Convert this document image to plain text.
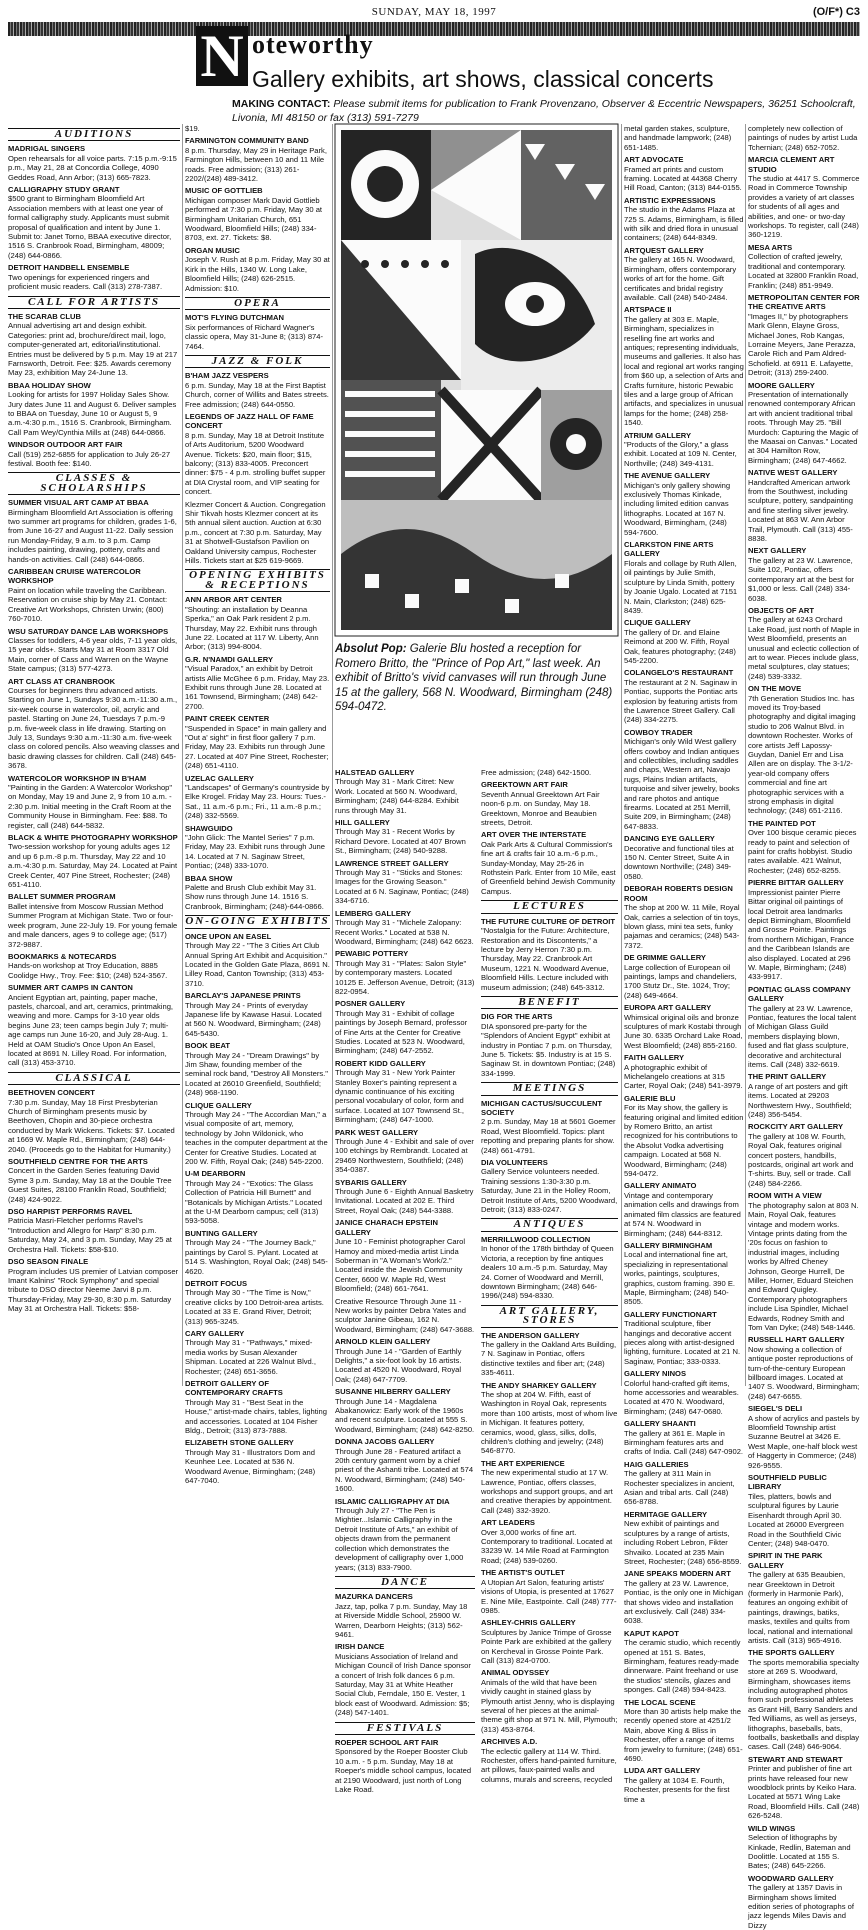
SUNDAY, MAY 18, 1997	(O/F*) C3
N oteworthy
Gallery exhibits, art shows, classical concerts
MAKING CONTACT: Please submit items for publication to Frank Provenzano, Observer & Eccentric Newspapers, 36251 Schoolcraft, Livonia, MI 48150 or fax (313) 591-7279
AUDITIONS
MADRIGAL SINGERS
Open rehearsals for all voice parts. 7:15 p.m.-9:15 p.m., May 21, 28 at Concordia College, 4090 Geddes Road, Ann Arbor; (313) 665-7823.
CALLIGRAPHY STUDY GRANT
$500 grant to Birmingham Bloomfield Art Association members with at least one year of formal calligraphy study. Applicants must submit proposal of qualification and intent by June 1. Submit to: Janet Torno, BBAA executive director, 1516 S. Cranbrook Road, Birmingham, 48009; (248) 644-0866.
DETROIT HANDBELL ENSEMBLE
Two openings for experienced ringers and proficient music readers. Call (313) 278-7387.
CALL FOR ARTISTS
THE SCARAB CLUB
Annual advertising art and design exhibit. Categories: print ad, brochure/direct mail, logo, computer-generated art, editorial/institutional. Entries must be delivered by 5 p.m. May 19 at 217 Farnsworth, Detroit. Fee: $25. Awards ceremony May 23, exhibition May 24-June 13.
BBAA HOLIDAY SHOW
Looking for artists for 1997 Holiday Sales Show. Jury dates June 11 and August 6. Deliver samples to BBAA on Tuesday, June 10 or August 5, 9 a.m.-4:30 p.m., 1516 S. Cranbrook, Birmingham. Call Pam Wey/Cynthia Mills at (248) 644-0866.
WINDSOR OUTDOOR ART FAIR
Call (519) 252-6855 for application to July 26-27 festival. Booth fee: $140.
CLASSES & SCHOLARSHIPS
SUMMER VISUAL ART CAMP AT BBAA
Birmingham Bloomfield Art Association is offering two summer art programs for children, grades 1-6, from June 16-27 and August 11-22. Daily session run Monday-Friday, 9 a.m. to 3 p.m. Camp includes painting, drawing, pottery, crafts and hands-on activities. Call (248) 644-0866.
CARIBBEAN CRUISE WATERCOLOR WORKSHOP
Paint on location while traveling the Caribbean. Reservation on cruise ship by May 21. Contact: Creative Art Workshops, Christen Urwin; (800) 760-7010.
WSU SATURDAY DANCE LAB WORKSHOPS
Classes for toddlers, 4-6 year olds, 7-11 year olds, 15 year olds+. Starts May 31 at Room 3317 Old Main, corner of Cass and Warren on the Wayne State campus; (313) 577-4273.
ART CLASS AT CRANBROOK
Courses for beginners thru advanced artists. Starting on June 1, Sundays 9:30 a.m.-11:30 a.m., six-week course in watercolor, oil, acrylic and pastel. Starting on June 24, Tuesdays 7 p.m.-9 p.m. five-week class in life drawing. Starting on July 13, Sundays 9:30 a.m.-11:30 a.m. five-week class on colored pencils. Also weaving classes and basic drawing classes for children. Call (248) 645-3678.
WATERCOLOR WORKSHOP IN B'HAM
"Painting in the Garden: A Watercolor Workshop" on Monday, May 19 and June 2, 9 from 10 a.m. - 2:30 p.m. Initial meeting in the Craft Room at the Community House in Birmingham. Fee: $88. To register, call (248) 644-5832.
BLACK & WHITE PHOTOGRAPHY WORKSHOP
Two-session workshop for young adults ages 12 and up 6 p.m.-8 p.m. Thursday, May 22 and 10 a.m.-4:30 p.m. Saturday, May 24. Located at Paint Creek Center, 407 Pine Street, Rochester; (248) 651-4110.
BALLET SUMMER PROGRAM
Ballet intensive from Moscow Russian Method Summer Program at Michigan State. Two or four-week program, June 22-July 19. For young female and male dancers, ages 9 to college age; (517) 372-9887.
BOOKMARKS & NOTECARDS
Hands-on workshop at Troy Education, 8885 Coolidge Hwy., Troy. Fee: $10; (248) 524-3567.
SUMMER ART CAMPS IN CANTON
Ancient Egyptian art, painting, paper mache, pastels, charcoal, and art, ceramics, printmaking, weaving and more. Camps for 3-10 year olds begins June 23; teen camps begin July 7; multi-age camps run June 16-20, and July 28-Aug. 1. Held at OAM Studio's Once Upon An Easel, located at 8691 N. Lilley Road. For information, call (313) 453-3710.
CLASSICAL
BEETHOVEN CONCERT
7:30 p.m. Sunday, May 18 First Presbyterian Church of Birmingham presents music by Beethoven, Chopin and 30-piece orchestra conducted by Mark Wickens. Tickets: $7. Located at 1669 W. Maple Rd., Birmingham; (248) 644-2040. (Proceeds go to the Habitat for Humanity.)
SOUTHFIELD CENTRE FOR THE ARTS
Concert in the Garden Series featuring David Syme 3 p.m. Sunday, May 18 at the Double Tree Guest Suites, 28100 Franklin Road, Southfield; (248) 424-9022.
DSO HARPIST PERFORMS RAVEL
Patricia Masri-Fletcher performs Ravel's "Introduction and Allegro for Harp" 8:30 p.m. Saturday, May 24, and 3 p.m. Sunday, May 25 at Orchestra Hall. Tickets: $58-$10.
DSO SEASON FINALE
Program includes US premier of Latvian composer Imant Kalnins' "Rock Symphony" and special tribute to DSO director Neeme Jarvi 8 p.m. Thursday-Friday, May 29-30, 8:30 p.m. Saturday May 31 at Orchestra Hall. Tickets: $58-
$19.
FARMINGTON COMMUNITY BAND
8 p.m. Thursday, May 29 in Heritage Park, Farmington Hills, between 10 and 11 Mile roads. Free admission; (313) 261-2202/(248) 489-3412.
MUSIC OF GOTTLIEB
Michigan composer Mark David Gottlieb performed at 7:30 p.m. Friday, May 30 at Birmingham Unitarian Church, 651 Woodward, Bloomfield Hills; (248) 334-8703, ext. 27. Tickets: $8.
ORGAN MUSIC
Joseph V. Rush at 8 p.m. Friday, May 30 at Kirk in the Hills, 1340 W. Long Lake, Bloomfield Hills; (248) 626-2515. Admission: $10.
OPERA
MOT'S FLYING DUTCHMAN
Six performances of Richard Wagner's classic opera, May 31-June 8; (313) 874-7464.
JAZZ & FOLK
B'HAM JAZZ VESPERS
6 p.m. Sunday, May 18 at the First Baptist Church, corner of Willits and Bates streets. Free admission; (248) 644-0550.
LEGENDS OF JAZZ HALL OF FAME CONCERT
8 p.m. Sunday, May 18 at Detroit Institute of Arts Auditorium, 5200 Woodward Avenue. Tickets: $20, main floor; $15, balcony; (313) 833-4005. Preconcert dinner: $75 - 4 p.m. strolling buffet supper at DIA Crystal room, and VIP seating for concert.
Klezmer Concert & Auction. Congregation Shir Tikvah hosts Klezmer concert at its 5th annual silent auction. Auction at 6:30 p.m., concert at 7:30 p.m. Saturday, May 31 at Shotwell-Gustafson Pavilion on Oakland University campus, Rochester Hills. Tickets start at $25 619-9669.
OPENING EXHIBITS & RECEPTIONS
ANN ARBOR ART CENTER
"Shouting: an installation by Deanna Sperka," an Oak Park resident 2 p.m. Thursday, May 22. Exhibit runs through June 22. Located at 117 W. Liberty, Ann Arbor; (313) 994-8004.
G.R. N'NAMDI GALLERY
"Visual Paradox," an exhibit by Detroit artists Allie McGhee 6 p.m. Friday, May 23. Exhibit runs through June 28. Located at 161 Townsend, Birmingham; (248) 642-2700.
PAINT CREEK CENTER
"Suspended in Space" in main gallery and "Out a' sight" in first floor gallery 7 p.m. Friday, May 23. Exhibits run through June 27. Located at 407 Pine Street, Rochester; (248) 651-4110.
UZELAC GALLERY
"Landscapes" of Germany's countryside by Elke Krogel. Friday May 23. Hours: Tues.-Sat., 11 a.m.-6 p.m.; Fri., 11 a.m.-8 p.m.; (248) 332-5569.
SHAWGUIDO
"John Glick: The Mantel Series" 7 p.m. Friday, May 23. Exhibit runs through June 14. Located at 7 N. Saginaw Street, Pontiac; (248) 333-1070.
BBAA SHOW
Palette and Brush Club exhibit May 31. Show runs through June 14. 1516 S. Cranbrook, Birmingham; (248)-644-0866.
ON-GOING EXHIBITS
ONCE UPON AN EASEL
Through May 22 - "The 3 Cities Art Club Annual Spring Art Exhibit and Acquisition." Located in the Golden Gate Plaza, 8691 N. Lilley Road, Canton Township; (313) 453-3710.
BARCLAY'S JAPANESE PRINTS
Through May 24 - Prints of everyday Japanese life by Kawase Hasui. Located at 560 N. Woodward, Birmingham; (248) 645-5430.
BOOK BEAT
Through May 24 - "Dream Drawings" by Jim Shaw, founding member of the seminal rock band, "Destroy All Monsters." Located at 26010 Greenfield, Southfield; (248) 968-1190.
CLIQUE GALLERY
Through May 24 - "The Accordian Man," a visual composite of art, memory, technology by John Wildonick, who teaches in the computer department at the Center for Creative Studies. Located at 200 W. Fifth, Royal Oak; (248) 545-2200.
U-M DEARBORN
Through May 24 - "Exotics: The Glass Collection of Patricia Hill Burnett" and "Botanicals by Michigan Artists." Located at the U-M Dearborn campus; cell (313) 593-5058.
BUNTING GALLERY
Through May 24 - "The Journey Back," paintings by Carol S. Pylant. Located at 514 S. Washington, Royal Oak; (248) 545-4620.
DETROIT FOCUS
Through May 30 - "The Time is Now," creative clicks by 100 Detroit-area artists. Located at 33 E. Grand River, Detroit; (313) 965-3245.
CARY GALLERY
Through May 31 - "Pathways," mixed-media works by Susan Alexander Shipman. Located at 226 Walnut Blvd., Rochester; (248) 651-3656.
DETROIT GALLERY OF CONTEMPORARY CRAFTS
Through May 31 - "Best Seat in the House," artist-made chairs, tables, lighting and accessories. Located at 104 Fisher Bldg., Detroit; (313) 873-7888.
ELIZABETH STONE GALLERY
Through May 31 - Illustrators Dom and Keunhee Lee. Located at 536 N. Woodward Avenue, Birmingham; (248) 647-7040.
Absolut Pop: Galerie Blu hosted a reception for Romero Britto, the "Prince of Pop Art," last week. An exhibit of Britto's vivid canvases will run through June 15 at the gallery, 568 N. Woodward, Birmingham (248) 594-0472.
HALSTEAD GALLERY
Through May 31 - Mark Citret: New Work. Located at 560 N. Woodward, Birmingham; (248) 644-8284. Exhibit runs through May 31.
HILL GALLERY
Through May 31 - Recent Works by Richard Devore. Located at 407 Brown St., Birmingham; (248) 540-9288.
LAWRENCE STREET GALLERY
Through May 31 - "Sticks and Stones: Images for the Growing Season." Located at 6 N. Saginaw, Pontiac; (248) 334-6716.
LEMBERG GALLERY
Through May 31 - "Michele Zalopany: Recent Works." Located at 538 N. Woodward, Birmingham; (248) 642 6623.
PEWABIC POTTERY
Through May 31 - "Plates: Salon Style" by contemporary masters. Located 10125 E. Jefferson Avenue, Detroit; (313) 822-0954.
POSNER GALLERY
Through May 31 - Exhibit of collage paintings by Joseph Bernard, professor of Fine Arts at the Center for Creative Studies. Located at 523 N. Woodward, Birmingham; (248) 647-2552.
ROBERT KIDD GALLERY
Through May 31 - New York Painter Stanley Boxer's painting represent a dynamic continuance of his exciting personal vocabulary of color, form and surface. Located at 107 Townsend St., Birmingham; (248) 647-1000.
PARK WEST GALLERY
Through June 4 - Exhibit and sale of over 100 etchings by Rembrandt. Located at 29469 Northwestern, Southfield; (248) 354-0387.
SYBARIS GALLERY
Through June 6 - Eighth Annual Basketry Invitational. Located at 202 E. Third Street, Royal Oak; (248) 544-3388.
JANICE CHARACH EPSTEIN GALLERY
June 10 - Feminist photographer Carol Hamoy and mixed-media artist Linda Soberman in "A Woman's Work/2." Located inside the Jewish Community Center, 6600 W. Maple Rd, West Bloomfield; (248) 661-7641.
Creative Resource Through June 11 - New works by painter Debra Yates and sculptor Janine Gibeau, 162 N. Woodward, Birmingham; (248) 647-3688.
ARNOLD KLEIN GALLERY
Through June 14 - "Garden of Earthly Delights," a six-foot look by 16 artists. Located at 4520 N. Woodward, Royal Oak; (248) 647-7709.
SUSANNE HILBERRY GALLERY
Through June 14 - Magdalena Abakanowicz: Early work of the 1960s and recent sculpture. Located at 555 S. Woodward, Birmingham; (248) 642-8250.
DONNA JACOBS GALLERY
Through June 28 - Featured artifact a 20th century garment worn by a chief priest of the Ashanti tribe. Located at 574 N. Woodward, Birmingham; (248) 540-1600.
ISLAMIC CALLIGRAPHY AT DIA
Through July 27 - "The Pen is Mightier...Islamic Calligraphy in the Detroit Institute of Arts," an exhibit of objects drawn from the permanent collection which demonstrates the development of calligraphy over 1,000 years; (313) 833-7900.
DANCE
MAZURKA DANCERS
Jazz, tap, polka 7 p.m. Sunday, May 18 at Riverside Middle School, 25900 W. Warren, Dearborn Heights; (313) 562-9461.
IRISH DANCE
Musicians Association of Ireland and Michigan Council of Irish Dance sponsor a concert of Irish folk dances 6 p.m. Saturday, May 31 at White Heather Social Club, Ferndale, 150 E. Vester, 1 block east of Woodward. Admission: $5; (248) 547-1401.
FESTIVALS
ROEPER SCHOOL ART FAIR
Sponsored by the Roeper Booster Club 10 a.m. - 5 p.m. Sunday, May 18 at Roeper's middle school campus, located at 2190 Woodward, just north of Long Lake Road.
Free admission; (248) 642-1500.
GREEKTOWN ART FAIR
Seventh Annual Greektown Art Fair noon-6 p.m. on Sunday, May 18. Greektown, Monroe and Beaubien streets, Detroit.
ART OVER THE INTERSTATE
Oak Park Arts & Cultural Commission's fine art & crafts fair 10 a.m.-6 p.m., Sunday-Monday, May 25-26 in Rothstein Park. Enter from 10 Mile, east of Greenfield behind Jewish Community Campus.
LECTURES
THE FUTURE CULTURE OF DETROIT
"Nostalgia for the Future: Architecture, Restoration and its Discontents," a lecture by Jerry Herron 7:30 p.m. Thursday, May 22. Cranbrook Art Museum, 1221 N. Woodward Avenue, Bloomfield Hills. Lecture included with museum admission; (248) 645-3312.
BENEFIT
DIG FOR THE ARTS
DIA sponsored pre-party for the "Splendors of Ancient Egypt" exhibit at industry in Pontiac 7 p.m. on Thursday, June 5. Tickets: $5. Industry is at 15 S. Saginaw St. in downtown Pontiac; (248) 334-1999.
MEETINGS
MICHIGAN CACTUS/SUCCULENT SOCIETY
2 p.m. Sunday, May 18 at 5601 Goemer Road, West Bloomfield. Topics: plant repotting and preparing plants for show. (248) 661-4791.
DIA VOLUNTEERS
Gallery Service volunteers needed. Training sessions 1:30-3:30 p.m. Saturday, June 21 in the Holley Room, Detroit Institute of Arts, 5200 Woodward, Detroit; (313) 833-0247.
ANTIQUES
MERRILLWOOD COLLECTION
In honor of the 178th birthday of Queen Victoria, a reception by fine antiques dealers 10 a.m.-5 p.m. Saturday, May 24. Corner of Woodward and Merrill, downtown Birmingham; (248) 646-1996/(248) 594-8330.
ART GALLERY, STORES
THE ANDERSON GALLERY
The gallery in the Oakland Arts Building, 7 N. Saginaw in Pontiac, offers distinctive textiles and fiber art; (248) 335-4611.
THE ANDY SHARKEY GALLERY
The shop at 204 W. Fifth, east of Washington in Royal Oak, represents more than 100 artists, most of whom live in Michigan. It features pottery, ceramics, wood, glass, silks, dolls, children's clothing and jewelry; (248) 546-8770.
THE ART EXPERIENCE
The new experimental studio at 17 W. Lawrence, Pontiac, offers classes, workshops and support groups, and art and creative therapies by appointment. Call (248) 332-3920.
ART LEADERS
Over 3,000 works of fine art. Contemporary to traditional. Located at 33239 W. 14 Mile Road at Farmington Road; (248) 539-0260.
THE ARTIST'S OUTLET
A Utopian Art Salon, featuring artists' visions of Utopia, is presented at 17627 E. Nine Mile, Eastpointe. Call (248) 777-0985.
ASHLEY-CHRIS GALLERY
Sculptures by Janice Trimpe of Grosse Pointe Park are exhibited at the gallery on Kercheval in Grosse Pointe Park. Call (313) 824-0700.
ANIMAL ODYSSEY
Animals of the wild that have been vividly caught in stained glass by Plymouth artist Jenny, who is displaying several of her pieces at the animal-theme gift shop at 971 N. Mill, Plymouth; (313) 453-8764.
ARCHIVES A.D.
The eclectic gallery at 114 W. Third. Rochester, offers hand-painted furniture, art pillows, faux-painted walls and columns, murals and screens, recycled
metal garden stakes, sculpture, and handmade lampwork; (248) 651-1485.
ART ADVOCATE
Framed art prints and custom framing. Located at 44368 Cherry Hill Road, Canton; (313) 844-0155.
ARTISTIC EXPRESSIONS
The studio in the Adams Plaza at 725 S. Adams, Birmingham, is filled with silk and dried flora in unusual containers; (248) 644-8349.
ARTQUEST GALLERY
The gallery at 165 N. Woodward, Birmingham, offers contemporary works of art for the home. Gift certificates and bridal registry available. Call (248) 540-2484.
ARTSPACE II
The gallery at 303 E. Maple, Birmingham, specializes in reselling fine art works and antiques; representing individuals, museums and galleries. It also has local and regional art works ranging from $60 up, a selection of Arts and Crafts furniture, historic Pewabic tiles and a large group of African artifacts, and specializes in unusual lamps for the home; (248) 258-1540.
ATRIUM GALLERY
"Products of the Glory," a glass exhibit. Located at 109 N. Center, Northville; (248) 349-4131.
THE AVENUE GALLERY
Michigan's only gallery showing exclusively Thomas Kinkade, including limited edition canvas lithographs. Located at 167 N. Woodward, Birmingham, (248) 594-7600.
CLARKSTON FINE ARTS GALLERY
Florals and collage by Ruth Allen, oil paintings by Julie Smith, sculpture by Linda Smith, pottery by Joanie Ugalo. Located at 7151 N. Main, Clarkston; (248) 625-8439.
CLIQUE GALLERY
The gallery of Dr. and Elaine Reimond at 200 W. Fifth, Royal Oak, features photography; (248) 545-2200.
COLANGELO'S RESTAURANT
The restaurant at 2 N. Saginaw in Pontiac, supports the Pontiac arts explosion by featuring artists from the Lawrence Street Gallery. Call (248) 334-2275.
COWBOY TRADER
Michigan's only Wild West gallery offers cowboy and Indian antiques and collectibles, including saddles and chaps, Western art, Navajo rugs, Plains Indian artifacts, turquoise and silver jewelry, books and rare photos and antique firearms. Located at 251 Merrill, Suite 209, in Birmingham; (248) 647-8833.
DANCING EYE GALLERY
Decorative and functional tiles at 150 N. Center Street, Suite A in downtown Northville; (248) 349-0580.
DEBORAH ROBERTS DESIGN ROOM
The shop at 200 W. 11 Mile, Royal Oak, carries a selection of tin toys, blown glass, mini tea sets, funky pajamas and ceramics; (248) 543-7372.
DE GRIMME GALLERY
Large collection of European oil paintings, lamps and chandeliers, 1700 Stutz Dr., Ste. 1024, Troy; (248) 649-4664.
EUROPA ART GALLERY
Whimsical original oils and bronze sculptures of mark Kostabi through June 30. 6335 Orchard Lake Road, West Bloomfield; (248) 855-2160.
FAITH GALLERY
A photographic exhibit of Michelangelo creations at 315 Carter, Royal Oak; (248) 541-3979.
GALERIE BLU
For its May show, the gallery is featuring original and limited edition by Romero Britto, an artist recognized for his contributions to the Absolut Vodka advertising campaign. Located at 568 N. Woodward, Birmingham; (248) 594-0472.
GALLERY ANIMATO
Vintage and contemporary animation cells and drawings from animated film classics are featured at 574 N. Woodward in Birmingham; (248) 644-8312.
GALLERY BIRMINGHAM
Local and international fine art, specializing in representational works, paintings, sculptures, graphics, custom framing. 390 E. Maple, Birmingham; (248) 540-8505.
GALLERY FUNCTIONART
Traditional sculpture, fiber hangings and decorative accent pieces along with artist-designed lighting, furniture. Located at 21 N. Saginaw, Pontiac; 333-0333.
GALLERY NINOS
Colorful hand-crafted gift items, home accessories and wearables. Located at 470 N. Woodward, Birmingham; (248) 647-0680.
GALLERY SHAANTI
The gallery at 361 E. Maple in Birmingham features arts and crafts of India. Call (248) 647-0902.
HAIG GALLERIES
The gallery at 311 Main in Rochester specializes in ancient, Asian and tribal arts. Call (248) 656-8788.
HERMITAGE GALLERY
New exhibit of paintings and sculptures by a range of artists, including Robert Lebron, Fikter Shvaiko. Located at 235 Main Street, Rochester; (248) 656-8559.
JANE SPEAKS MODERN ART
The gallery at 23 W. Lawrence, Pontiac, is the only one in Michigan that shows video and installation art exclusively. Call (248) 334-6038.
KAPUT KAPOT
The ceramic studio, which recently opened at 151 S. Bates, Birmingham, features ready-made dinnerware. Paint freehand or use the studios' stencils, glazes and sponges. Call (248) 594-8423.
THE LOCAL SCENE
More than 30 artists help make the recently opened store at 4251/2 Main, above King & Bliss in Rochester, offer a range of items from jewelry to furniture; (248) 651-4690.
LUDA ART GALLERY
The gallery at 1034 E. Fourth, Rochester, presents for the first time a
completely new collection of paintings of nudes by artist Luda Tchernian; (248) 652-7052.
MARCIA CLEMENT ART STUDIO
The studio at 4417 S. Commerce Road in Commerce Township provides a variety of art classes for students of all ages and abilities, and one- or two-day workshops. To register, call (248) 360-1219.
MESA ARTS
Collection of crafted jewelry, traditional and contemporary. Located at 32800 Franklin Road, Franklin; (248) 851-9949.
METROPOLITAN CENTER FOR THE CREATIVE ARTS
"Images II," by photographers Mark Glenn, Elayne Gross, Michael Jones, Rob Kangas, Lorraine Meyers, Jane Perazza, Carole Rich and Pam Aldred-Schofield. at 6911 E. Lafayette, Detroit; (313) 259-2400.
MOORE GALLERY
Presentation of internationally renowned contemporary African art with ancient traditional tribal roots. Through May 25. "Bill Murdoch: Capturing the Magic of the Maasai on Canvas." Located at 304 Hamilton Row, Birmingham; (248) 647-4662.
NATIVE WEST GALLERY
Handcrafted American artwork from the Southwest, including sculpture, pottery, sandpainting and fine sterling silver jewelry. Located at 863 W. Ann Arbor Trail, Plymouth. Call (313) 455-8838.
NEXT GALLERY
The gallery at 23 W. Lawrence, Suite 102, Pontiac, offers contemporary art at the best for $1,000 or less. Call (248) 334-6038.
OBJECTS OF ART
The gallery at 6243 Orchard Lake Road, just north of Maple in West Bloomfield, presents an unusual and eclectic collection of art to wear. Pieces include glass, metal sculptures, clay statues; (248) 539-3332.
ON THE MOVE
7th Generation Studios Inc. has moved its Troy-based photography and digital imaging studio to 206 Walnut Blvd. in downtown Rochester. Works of core artists Jeff Lapossy-Guydan, Daniel Err and Lisa Allen are on display. The 3-1/2-year-old company offers commercial and fine art photographic services with a strong emphasis in digital technology; (248) 651-2116.
THE PAINTED POT
Over 100 bisque ceramic pieces ready to paint and selection of paint for crafts hobbyist. Studio rates available. 421 Walnut, Rochester; (248) 652-8255.
PIERRE BITTAR GALLERY
Impressionist painter Pierre Bittar original oil paintings of local Detroit area landmarks depict Birmingham, Bloomfield and Grosse Pointe. Paintings from northern Michigan, France and the Caribbean Islands are also displayed. Located at 296 W. Maple, Birmingham; (248) 433-9917.
PONTIAC GLASS COMPANY GALLERY
The gallery at 23 W. Lawrence, Pontiac, features the local talent of Michigan Glass Guild members displaying blown, fused and flat glass sculpture, decorative and architectural items. Call (248) 332-6619.
THE PRINT GALLERY
A range of art posters and gift items. Located at 29203 Northwestern Hwy., Southfield; (248) 356-5454.
ROCKCITY ART GALLERY
The gallery at 108 W. Fourth, Royal Oak, features original concert posters, handbills, postcards, original art work and T-shirts. Buy, sell or trade. Call (248) 584-2266.
ROOM WITH A VIEW
The photography salon at 803 N. Main, Royal Oak, features vintage and modern works. Vintage prints dating from the '20s focus on fashion to industrial images, including works by Alfred Cheney Johnson, George Hurrell, De Miller, Horner, Eduard Steichen and Edward Quigley. Contemporary photographers include Lisa Spindler, Michael Edwards, Rodney Smith and Tom Van Dyke; (248) 548-1446.
RUSSELL HART GALLERY
Now showing a collection of antique poster reproductions of turn-of-the-century European billboard images. Located at 1407 S. Woodward, Birmingham; (248) 647-6655.
SIEGEL'S DELI
A show of acrylics and pastels by Bloomfield Township artist Suzanne Beutrel at 3426 E. West Maple, one-half block west of Haggerty in Commerce; (248) 926-9555.
SOUTHFIELD PUBLIC LIBRARY
Tiles, platters, bowls and sculptural figures by Laurie Eisenhardt through April 30. Located at 26000 Evergreen Road in the Southfield Civic Center; (248) 948-0470.
SPIRIT IN THE PARK GALLERY
The gallery at 635 Beaubien, near Greektown in Detroit (formerly in Harmonie Park), features an ongoing exhibit of paintings, drawings, batiks, masks, textiles and quilts from local, national and international artists. Call (313) 965-4916.
THE SPORTS GALLERY
The sports memorabilia specialty store at 269 S. Woodward, Birmingham, showcases items including autographed photos from such professional athletes as Grant Hill, Barry Sanders and Ted Williams, as well as jerseys, lithographs, baseballs, bats, footballs, basketballs and display cases. Call (248) 646-9064.
STEWART AND STEWART
Printer and publisher of fine art prints have released four new woodblock prints by Keiko Hara. Located at 5571 Wing Lake Road, Bloomfield Hills. Call (248) 626-5248.
WILD WINGS
Selection of lithographs by Kinkade, Redlin, Bateman and Doolittle. Located at 155 S. Bates; (248) 645-2266.
WOODWARD GALLERY
The gallery at 1357 Davis in Birmingham shows limited edition series of photographs of jazz legends Miles Davis and Dizzy
